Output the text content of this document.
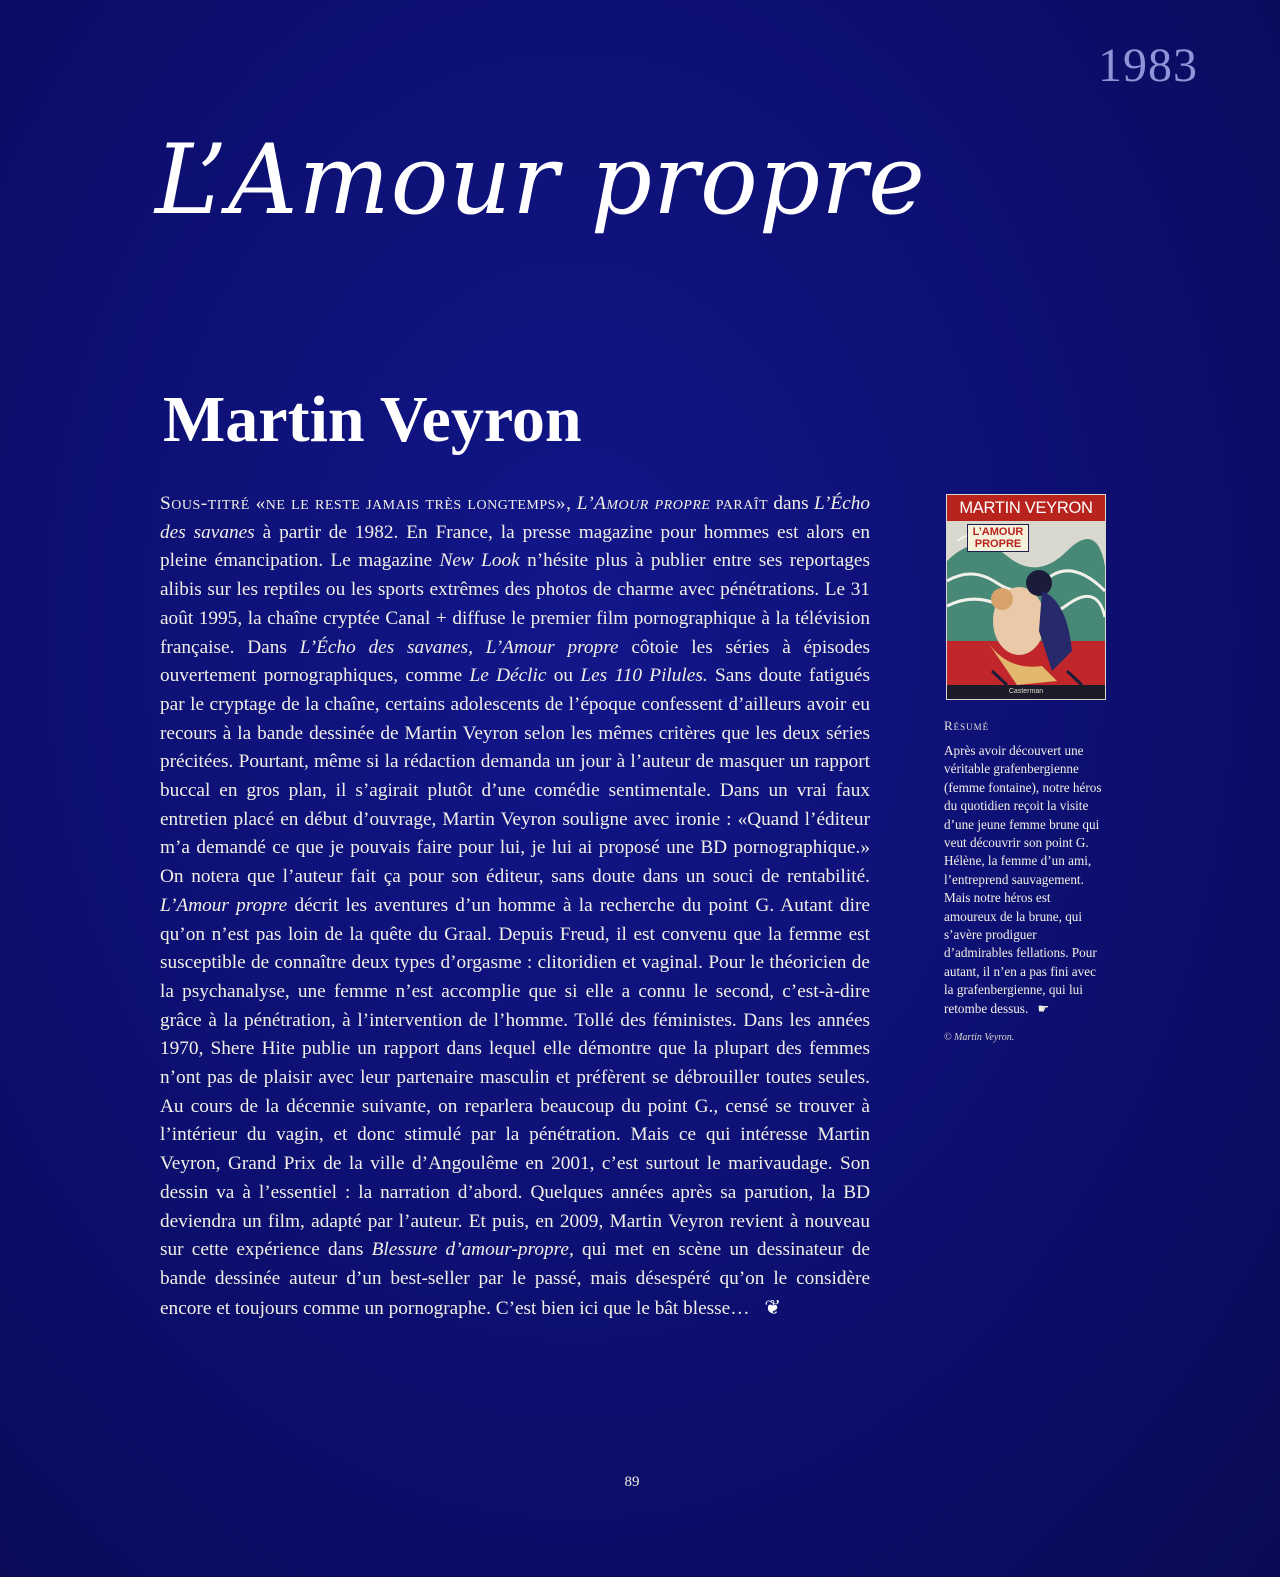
1983
L’Amour propre
Martin Veyron

Sous-titré «ne le reste jamais très longtemps», L’Amour propre paraît dans L’Écho des savanes à partir de 1982. En France, la presse magazine pour hommes est alors en pleine émancipation. Le magazine New Look n’hésite plus à publier entre ses reportages alibis sur les reptiles ou les sports extrêmes des photos de charme avec pénétrations. Le 31 août 1995, la chaîne cryptée Canal + diffuse le premier film pornographique à la télévision française. Dans L’Écho des savanes, L’Amour propre côtoie les séries à épisodes ouvertement pornographiques, comme Le Déclic ou Les 110 Pilules. Sans doute fatigués par le cryptage de la chaîne, certains adolescents de l’époque confessent d’ailleurs avoir eu recours à la bande dessinée de Martin Veyron selon les mêmes critères que les deux séries précitées. Pourtant, même si la rédaction demanda un jour à l’auteur de masquer un rapport buccal en gros plan, il s’agirait plutôt d’une comédie sentimentale. Dans un vrai faux entretien placé en début d’ouvrage, Martin Veyron souligne avec ironie : «Quand l’éditeur m’a demandé ce que je pouvais faire pour lui, je lui ai proposé une BD pornographique.» On notera que l’auteur fait ça pour son éditeur, sans doute dans un souci de rentabilité. L’Amour propre décrit les aventures d’un homme à la recherche du point G. Autant dire qu’on n’est pas loin de la quête du Graal. Depuis Freud, il est convenu que la femme est susceptible de connaître deux types d’orgasme : clitoridien et vaginal. Pour le théoricien de la psychanalyse, une femme n’est accomplie que si elle a connu le second, c’est-à-dire grâce à la pénétration, à l’intervention de l’homme. Tollé des féministes. Dans les années 1970, Shere Hite publie un rapport dans lequel elle démontre que la plupart des femmes n’ont pas de plaisir avec leur partenaire masculin et préfèrent se débrouiller toutes seules. Au cours de la décennie suivante, on reparlera beaucoup du point G., censé se trouver à l’intérieur du vagin, et donc stimulé par la pénétration. Mais ce qui intéresse Martin Veyron, Grand Prix de la ville d’Angoulême en 2001, c’est surtout le marivaudage. Son dessin va à l’essentiel : la narration d’abord. Quelques années après sa parution, la BD deviendra un film, adapté par l’auteur. Et puis, en 2009, Martin Veyron revient à nouveau sur cette expérience dans Blessure d’amour-propre, qui met en scène un dessinateur de bande dessinée auteur d’un best-seller par le passé, mais désespéré qu’on le considère encore et toujours comme un pornographe. C’est bien ici que le bât blesse… ❦

MARTIN VEYRON
L’AMOUR PROPRE
Casterman
Résumé

Après avoir découvert une véritable grafenbergienne (femme fontaine), notre héros du quotidien reçoit la visite d’une jeune femme brune qui veut découvrir son point G. Hélène, la femme d’un ami, l’entreprend sauvagement. Mais notre héros est amoureux de la brune, qui s’avère prodiguer d’admirables fellations. Pour autant, il n’en a pas fini avec la grafenbergienne, qui lui retombe dessus. ☛

© Martin Veyron.
89
